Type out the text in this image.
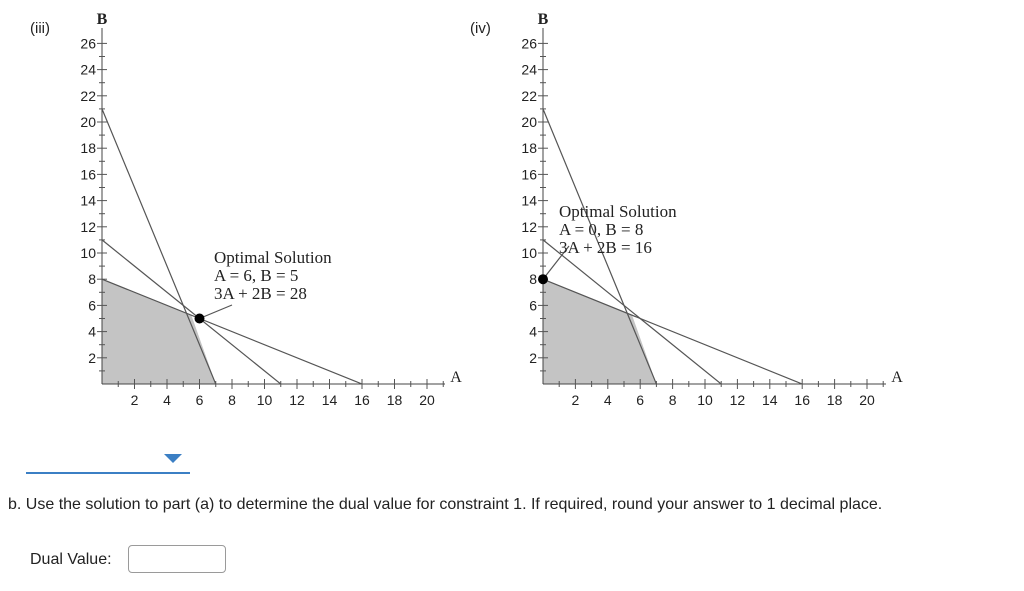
2 4 6 8 10 12 14 16 18 20
2
4
6
8
10
12
14
16
18
20
22
24
26
A
B
Optimal Solution
A = 6, B = 5
3A + 2B = 28
2 4 6 8 10 12 14 16 18 20
2
4
6
8
10
12
14
16
18
20
22
24
26
A
B
Optimal Solution
A = 0, B = 8
3A + 2B = 16
(iii)	(iv)
b. Use the solution to part (a) to determine the dual value for constraint 1. If required, round your answer to 1 decimal place.
Dual Value:
